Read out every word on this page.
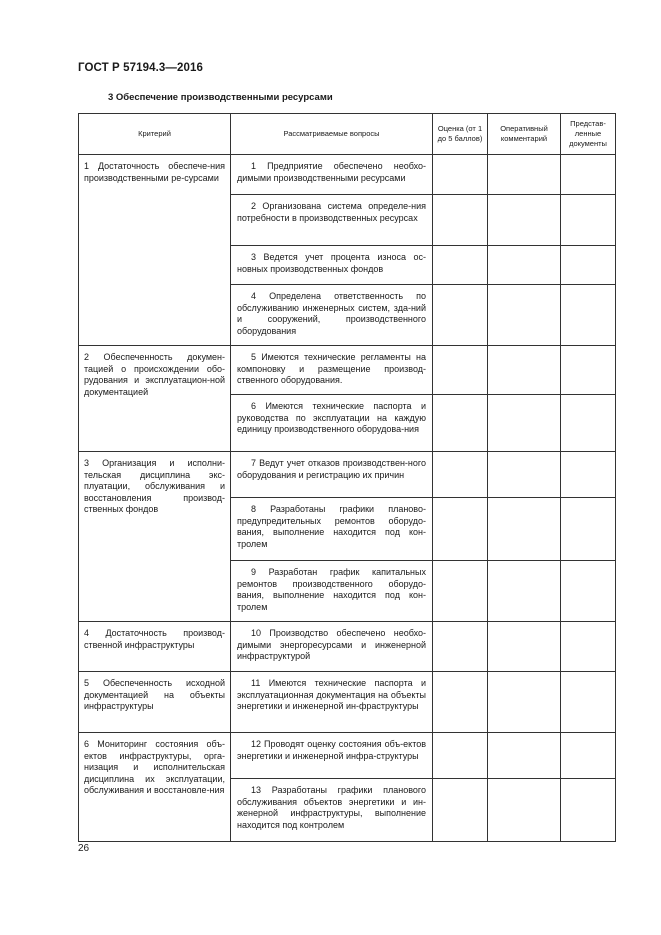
ГОСТ Р 57194.3—2016
3 Обеспечение производственными ресурсами
Критерий	Рассматриваемые вопросы	Оценка (от 1 до 5 баллов)	Оперативный комментарий	Представ-ленные документы

1 Достаточность обеспече-ния производственными ре-сурсами	1 Предприятие обеспечено необхо-димыми производственными ресурсами			
	2 Организована система определе-ния потребности в производственных ресурсах			
	3 Ведется учет процента износа ос-новных производственных фондов			
	4 Определена ответственность по обслуживанию инженерных систем, зда-ний и сооружений, производственного оборудования			

2 Обеспеченность докумен-тацией о происхождении обо-рудования и эксплуатацион-ной документацией	5 Имеются технические регламенты на компоновку и размещение производ-ственного оборудования.			
	6 Имеются технические паспорта и руководства по эксплуатации на каждую единицу производственного оборудова-ния			

3 Организация и исполни-тельская дисциплина экс-плуатации, обслуживания и восстановления производ-ственных фондов	7 Ведут учет отказов производствен-ного оборудования и регистрацию их причин			
	8 Разработаны графики планово-предупредительных ремонтов оборудо-вания, выполнение находится под кон-тролем			
	9 Разработан график капитальных ремонтов производственного оборудо-вания, выполнение находится под кон-тролем			

4 Достаточность производ-ственной инфраструктуры	10 Производство обеспечено необхо-димыми энергоресурсами и инженерной инфраструктурой			

5 Обеспеченность исходной документацией на объекты инфраструктуры	11 Имеются технические паспорта и эксплуатационная документация на объекты энергетики и инженерной ин-фраструктуры			

6 Мониторинг состояния объ-ектов инфраструктуры, орга-низация и исполнительская дисциплина их эксплуатации, обслуживания и восстановле-ния	12 Проводят оценку состояния объ-ектов энергетики и инженерной инфра-структуры			
	13 Разработаны графики планового обслуживания объектов энергетики и ин-женерной инфраструктуры, выполнение находится под контролем			
26
